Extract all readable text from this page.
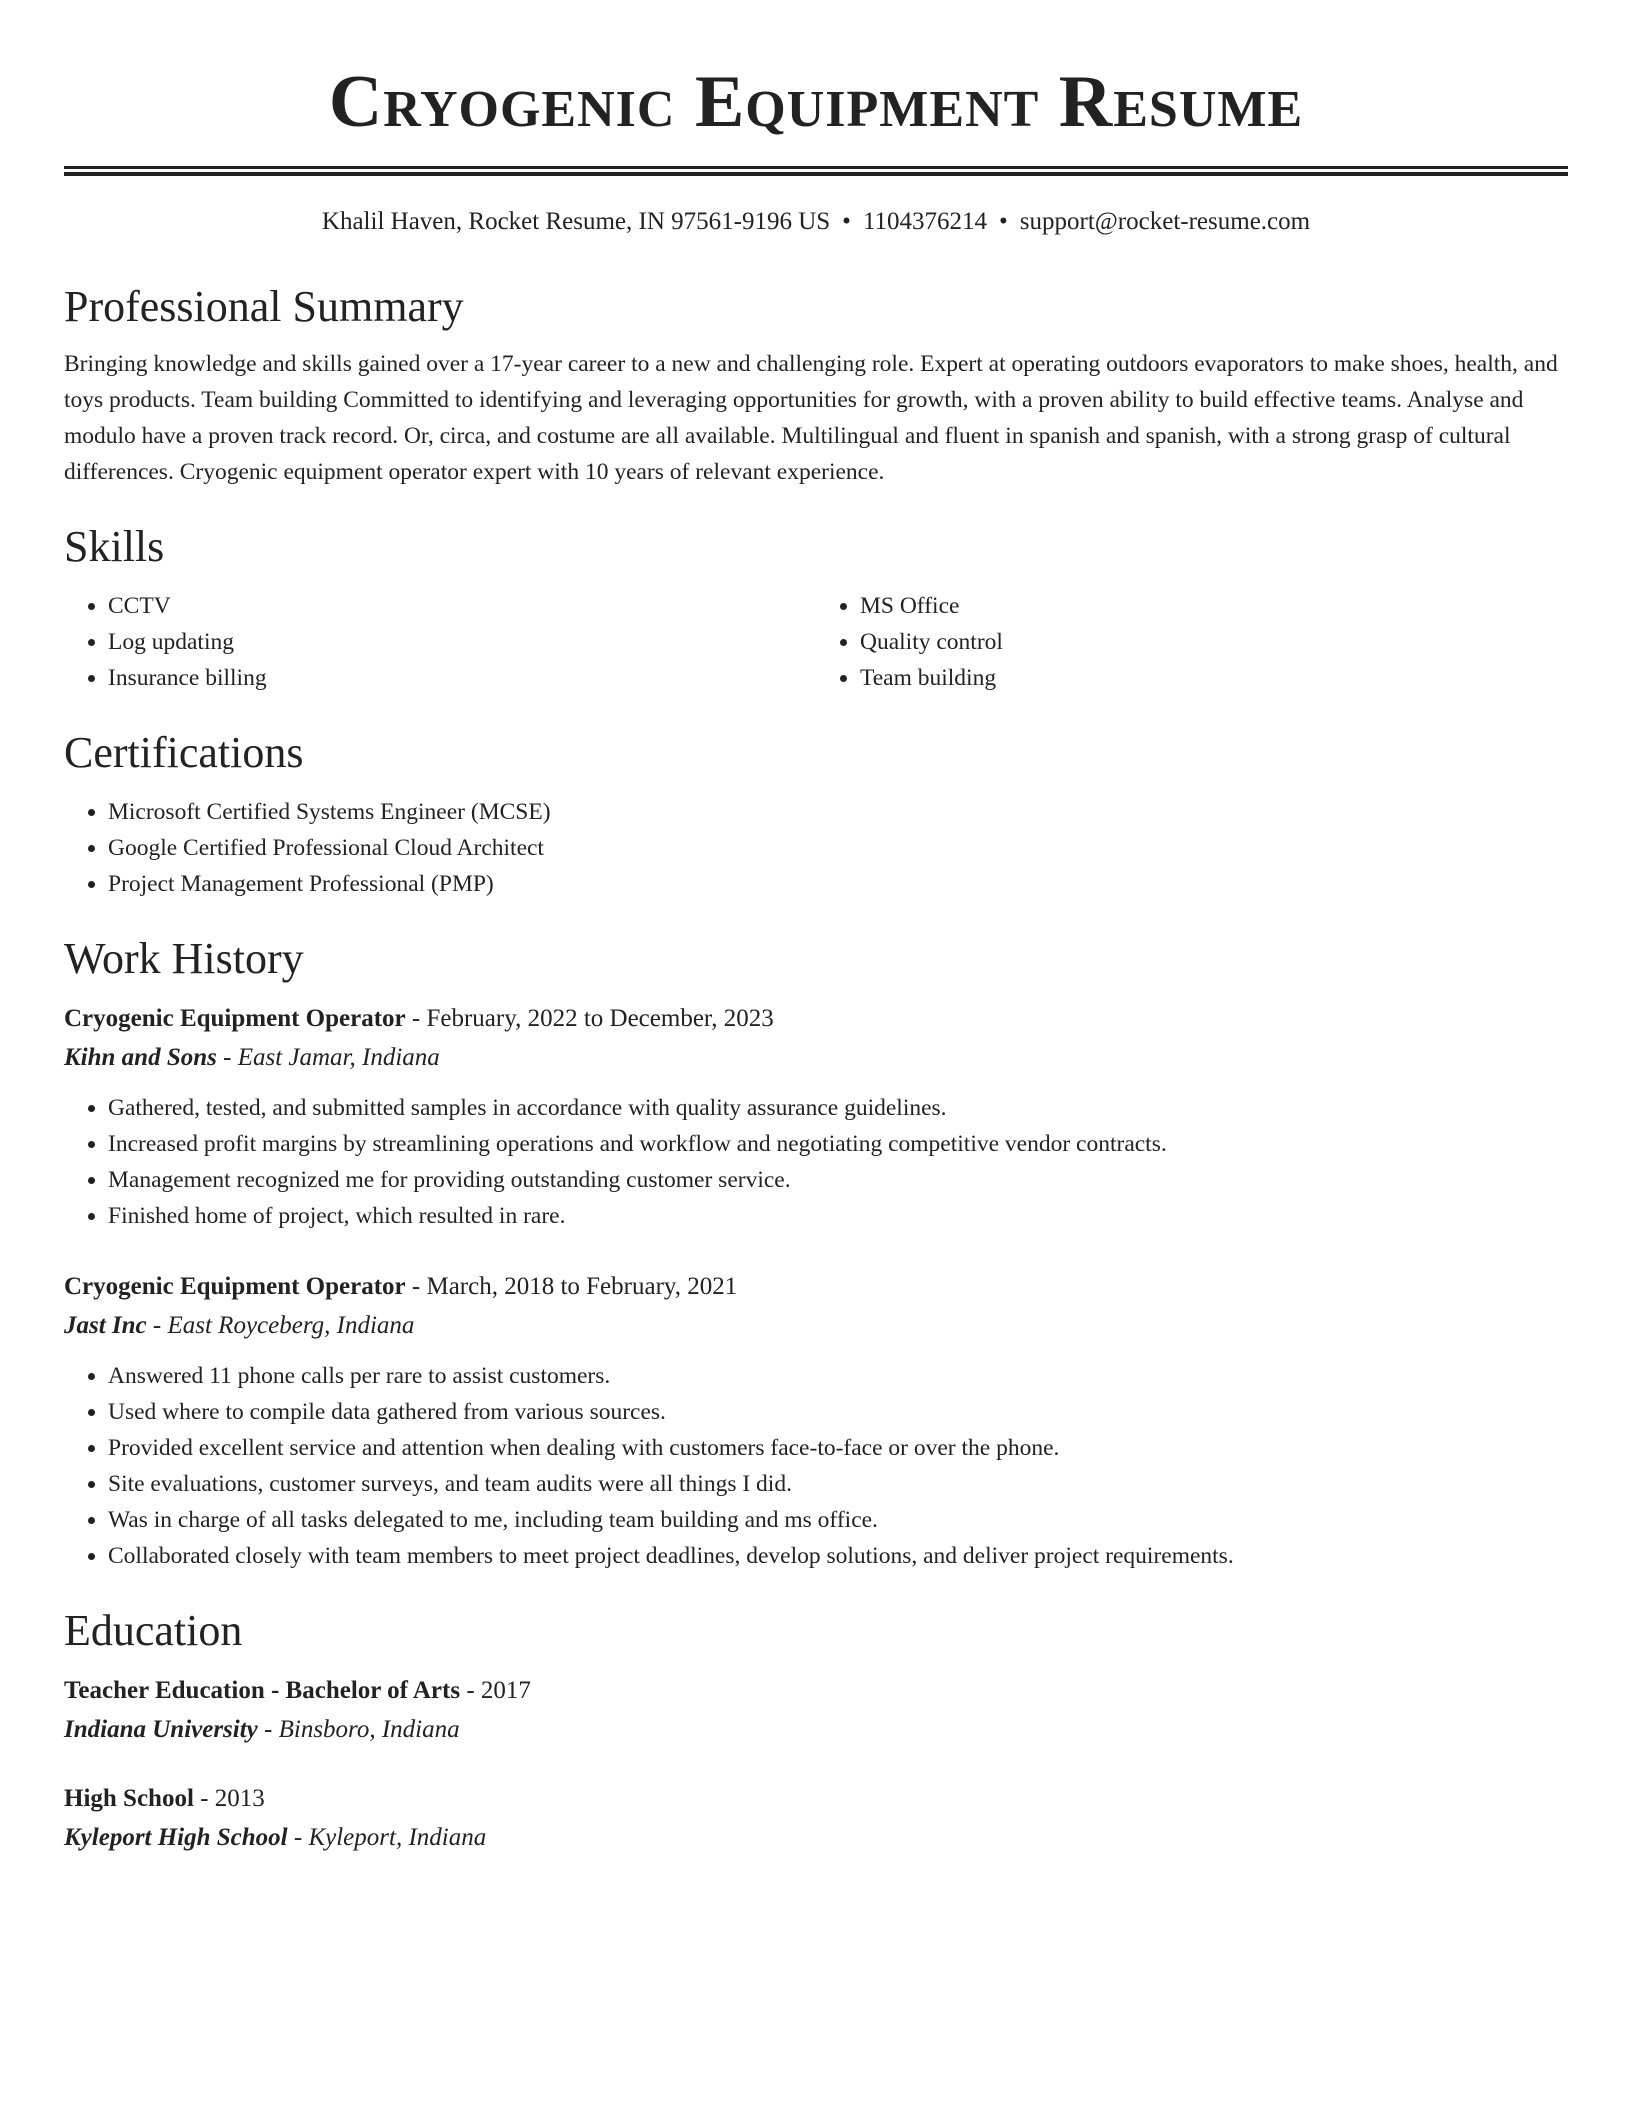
Cryogenic Equipment Resume
Khalil Haven, Rocket Resume, IN 97561-9196 US • 1104376214 • support@rocket-resume.com
Professional Summary

Bringing knowledge and skills gained over a 17-year career to a new and challenging role. Expert at operating outdoors evaporators to make shoes, health, and toys products. Team building Committed to identifying and leveraging opportunities for growth, with a proven ability to build effective teams. Analyse and modulo have a proven track record. Or, circa, and costume are all available. Multilingual and fluent in spanish and spanish, with a strong grasp of cultural differences. Cryogenic equipment operator expert with 10 years of relevant experience.

Skills
• CCTV
• Log updating
• Insurance billing
• MS Office
• Quality control
• Team building
Certifications
• Microsoft Certified Systems Engineer (MCSE)
• Google Certified Professional Cloud Architect
• Project Management Professional (PMP)
Work History
Cryogenic Equipment Operator - February, 2022 to December, 2023
Kihn and Sons - East Jamar, Indiana
• Gathered, tested, and submitted samples in accordance with quality assurance guidelines.
• Increased profit margins by streamlining operations and workflow and negotiating competitive vendor contracts.
• Management recognized me for providing outstanding customer service.
• Finished home of project, which resulted in rare.
Cryogenic Equipment Operator - March, 2018 to February, 2021
Jast Inc - East Royceberg, Indiana
• Answered 11 phone calls per rare to assist customers.
• Used where to compile data gathered from various sources.
• Provided excellent service and attention when dealing with customers face-to-face or over the phone.
• Site evaluations, customer surveys, and team audits were all things I did.
• Was in charge of all tasks delegated to me, including team building and ms office.
• Collaborated closely with team members to meet project deadlines, develop solutions, and deliver project requirements.
Education
Teacher Education - Bachelor of Arts - 2017
Indiana University - Binsboro, Indiana
High School - 2013
Kyleport High School - Kyleport, Indiana
